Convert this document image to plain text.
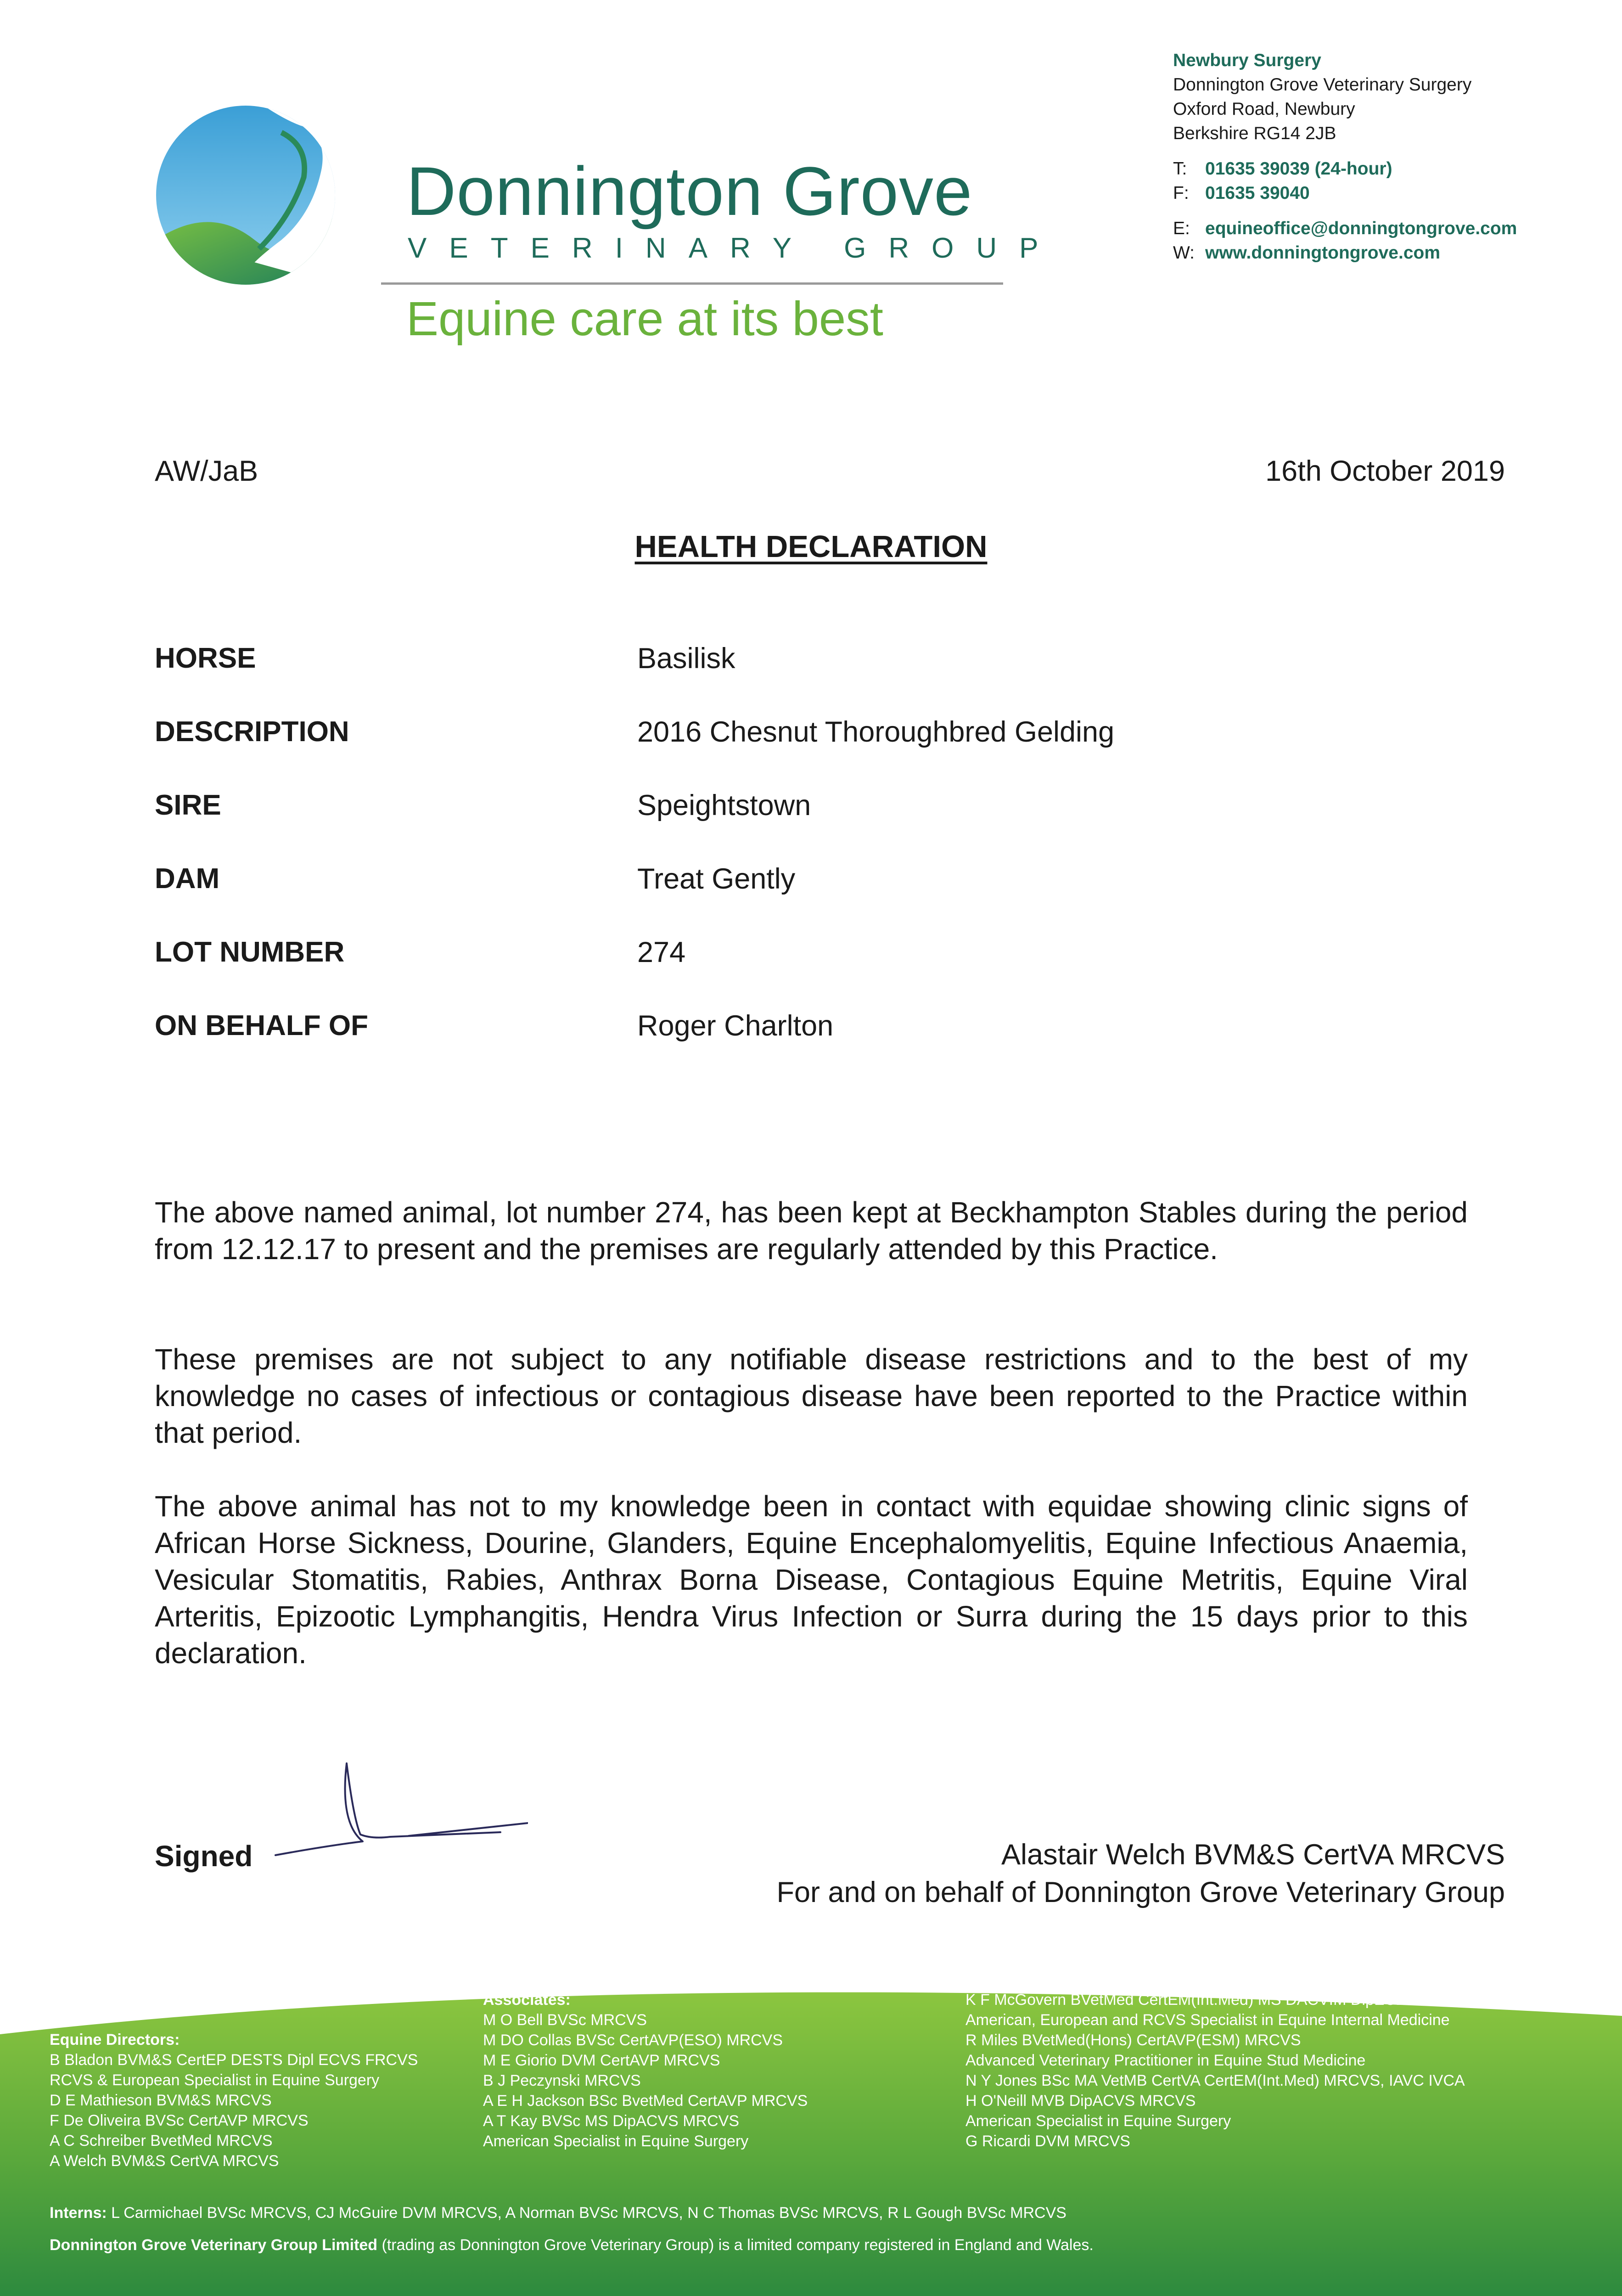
Donnington Grove
VETERINARY GROUP
Equine care at its best
Newbury Surgery
Donnington Grove Veterinary Surgery
Oxford Road, Newbury
Berkshire RG14 2JB
T: 01635 39039 (24-hour)
F: 01635 39040
E: equineoffice@donningtongrove.com
W: www.donningtongrove.com
AW/JaB	16th October 2019
HEALTH DECLARATION
HORSE	Basilisk
DESCRIPTION	2016 Chesnut Thoroughbred Gelding
SIRE	Speightstown
DAM	Treat Gently
LOT NUMBER	274
ON BEHALF OF	Roger Charlton
The above named animal, lot number 274, has been kept at Beckhampton Stables during the period from 12.12.17 to present and the premises are regularly attended by this Practice.
These premises are not subject to any notifiable disease restrictions and to the best of my knowledge no cases of infectious or contagious disease have been reported to the Practice within that period.
The above animal has not to my knowledge been in contact with equidae showing clinic signs of African Horse Sickness, Dourine, Glanders, Equine Encephalomyelitis, Equine Infectious Anaemia, Vesicular Stomatitis, Rabies, Anthrax Borna Disease, Contagious Equine Metritis, Equine Viral Arteritis, Epizootic Lymphangitis, Hendra Virus Infection or Surra during the 15 days prior to this declaration.
Signed	Alastair Welch BVM&S CertVA MRCVS
For and on behalf of Donnington Grove Veterinary Group
Equine Directors:
B Bladon BVM&S CertEP DESTS Dipl ECVS FRCVS
RCVS & European Specialist in Equine Surgery
D E Mathieson BVM&S MRCVS
F De Oliveira BVSc CertAVP MRCVS
A C Schreiber BvetMed MRCVS
A Welch BVM&S CertVA MRCVS
Associates:
M O Bell BVSc MRCVS
M DO Collas BVSc CertAVP(ESO) MRCVS
M E Giorio DVM CertAVP MRCVS
B J Peczynski MRCVS
A E H Jackson BSc BvetMed CertAVP MRCVS
A T Kay BVSc MS DipACVS MRCVS
American Specialist in Equine Surgery
K F McGovern BVetMed CertEM(Int.Med) MS DACVIM DipECEIM MRCVS
American, European and RCVS Specialist in Equine Internal Medicine
R Miles BVetMed(Hons) CertAVP(ESM) MRCVS
Advanced Veterinary Practitioner in Equine Stud Medicine
N Y Jones BSc MA VetMB CertVA CertEM(Int.Med) MRCVS, IAVC IVCA
H O'Neill MVB DipACVS MRCVS
American Specialist in Equine Surgery
G Ricardi DVM MRCVS
Interns: L Carmichael BVSc MRCVS, CJ McGuire DVM MRCVS, A Norman BVSc MRCVS, N C Thomas BVSc MRCVS, R L Gough BVSc MRCVS
Donnington Grove Veterinary Group Limited (trading as Donnington Grove Veterinary Group) is a limited company registered in England and Wales.
